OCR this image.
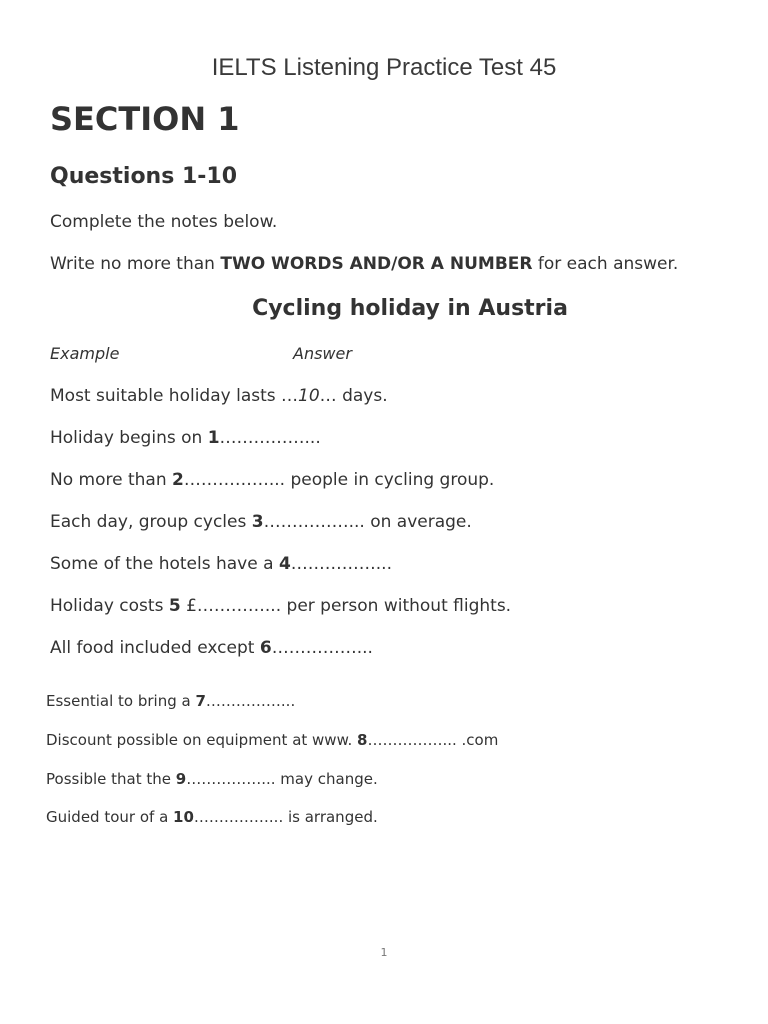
IELTS Listening Practice Test 45
SECTION 1
Questions 1-10
Complete the notes below.
Write no more than TWO WORDS AND/OR A NUMBER for each answer.
Cycling holiday in Austria
Example	Answer
Most suitable holiday lasts …10… days.
Holiday begins on 1……………...
No more than 2……………... people in cycling group.
Each day, group cycles 3……………... on average.
Some of the hotels have a 4……………...
Holiday costs 5 £…………... per person without flights.
All food included except 6……………...
Essential to bring a 7……………...
Discount possible on equipment at www. 8……………... .com
Possible that the 9……………... may change.
Guided tour of a 10……………... is arranged.
1
